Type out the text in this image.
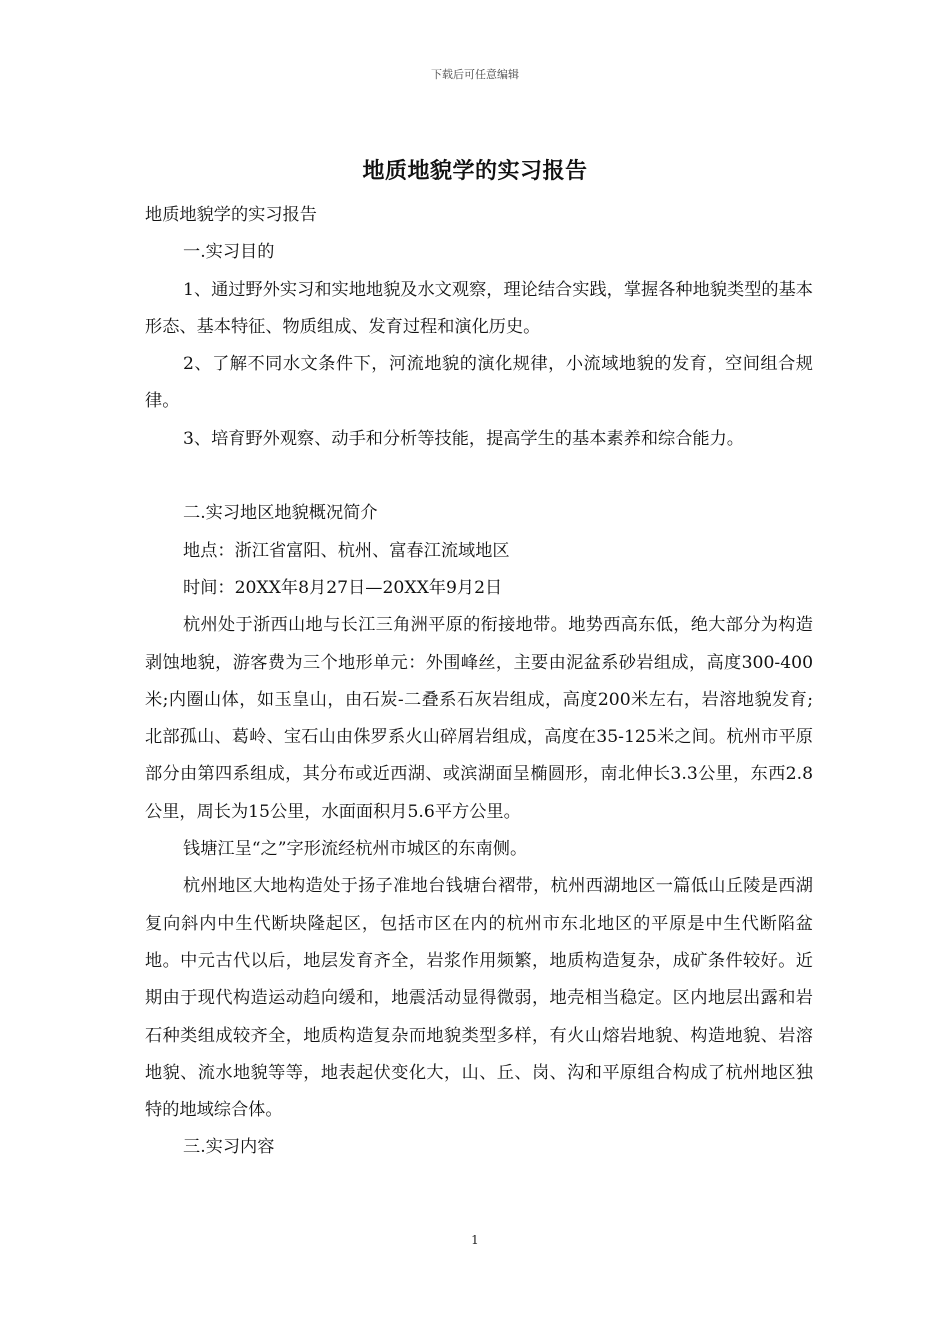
下载后可任意编辑
地质地貌学的实习报告

地质地貌学的实习报告

一.实习目的

1、通过野外实习和实地地貌及水文观察，理论结合实践，掌握各种地貌类型的基本形态、基本特征、物质组成、发育过程和演化历史。

2、了解不同水文条件下，河流地貌的演化规律，小流域地貌的发育，空间组合规律。

3、培育野外观察、动手和分析等技能，提高学生的基本素养和综合能力。

二.实习地区地貌概况简介

地点：浙江省富阳、杭州、富春江流域地区

时间：20XX年8月27日—20XX年9月2日

杭州处于浙西山地与长江三角洲平原的衔接地带。地势西高东低，绝大部分为构造剥蚀地貌，游客费为三个地形单元：外围峰丝，主要由泥盆系砂岩组成，高度300-400米;内圈山体，如玉皇山，由石炭-二叠系石灰岩组成，高度200米左右，岩溶地貌发育;北部孤山、葛岭、宝石山由侏罗系火山碎屑岩组成，高度在35-125米之间。杭州市平原部分由第四系组成，其分布或近西湖、或滨湖面呈椭圆形，南北伸长3.3公里，东西2.8公里，周长为15公里，水面面积月5.6平方公里。

钱塘江呈“之”字形流经杭州市城区的东南侧。

杭州地区大地构造处于扬子准地台钱塘台褶带，杭州西湖地区一篇低山丘陵是西湖复向斜内中生代断块隆起区，包括市区在内的杭州市东北地区的平原是中生代断陷盆地。中元古代以后，地层发育齐全，岩浆作用频繁，地质构造复杂，成矿条件较好。近期由于现代构造运动趋向缓和，地震活动显得微弱，地壳相当稳定。区内地层出露和岩石种类组成较齐全，地质构造复杂而地貌类型多样，有火山熔岩地貌、构造地貌、岩溶地貌、流水地貌等等，地表起伏变化大，山、丘、岗、沟和平原组合构成了杭州地区独特的地域综合体。

三.实习内容

1
